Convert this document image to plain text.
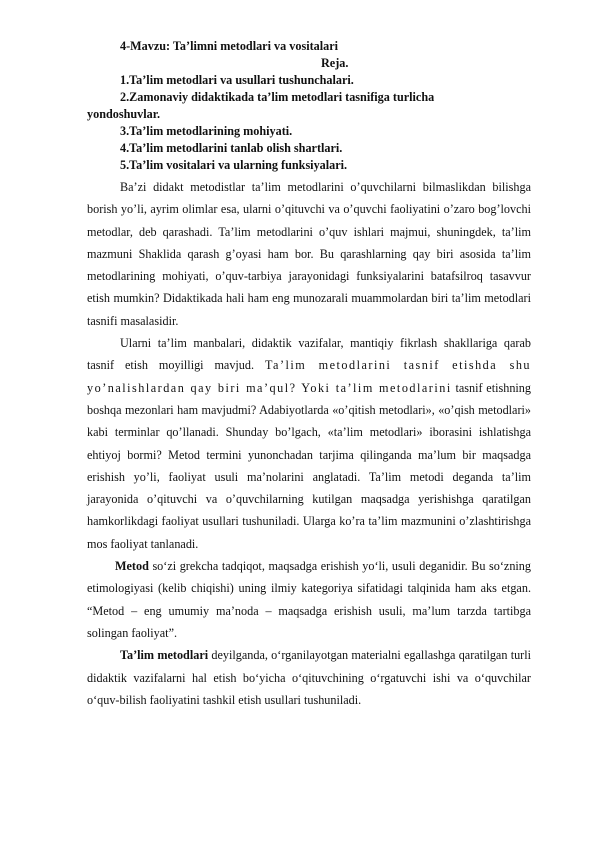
4-Mavzu: Ta’limni metodlari va vositalari
Reja.
1.Ta’lim metodlari va usullari tushunchalari.
2.Zamonaviy didaktikada ta’lim metodlari tasnifiga turlicha
yondoshuvlar.
3.Ta’lim metodlarining mohiyati.
4.Ta’lim metodlarini tanlab olish shartlari.
5.Ta’lim vositalari va ularning funksiyalari.

Ba’zi didakt metodistlar ta’lim metodlarini o’quvchilarni bilmaslikdan bilishga borish yo’li, ayrim olimlar esa, ularni o’qituvchi va o’quvchi faoliyatini o’zaro bog’lovchi metodlar, deb qarashadi. Ta’lim metodlarini o’quv ishlari majmui, shuningdek, ta’lim mazmuni Shaklida qarash g’oyasi ham bor. Bu qarashlarning qay biri asosida ta’lim metodlarining mohiyati, o’quv-tarbiya jarayonidagi funksiyalarini batafsilroq tasavvur etish mumkin? Didaktikada hali ham eng munozarali muammolardan biri ta’lim metodlari tasnifi masalasidir.

Ularni ta’lim manbalari, didaktik vazifalar, mantiqiy fikrlash shakllariga qarab tasnif etish moyilligi mavjud. Ta’lim metodlarini tasnif etishda shu yo’nalishlardan qay biri ma’qul? Yoki ta’lim metodlarini tasnif etishning boshqa mezonlari ham mavjudmi? Adabiyotlarda «o’qitish metodlari», «o’qish metodlari» kabi terminlar qo’llanadi. Shunday bo’lgach, «ta’lim metodlari» iborasini ishlatishga ehtiyoj bormi? Metod termini yunonchadan tarjima qilinganda ma’lum bir maqsadga erishish yo’li, faoliyat usuli ma’nolarini anglatadi. Ta’lim metodi deganda ta’lim jarayonida o’qituvchi va o’quvchilarning kutilgan maqsadga yerishishga qaratilgan hamkorlikdagi faoliyat usullari tushuniladi. Ularga ko’ra ta’lim mazmunini o’zlashtirishga mos faoliyat tanlanadi.

Metod so‘zi grekcha tadqiqot, maqsadga erishish yo‘li, usuli deganidir. Bu so‘zning etimologiyasi (kelib chiqishi) uning ilmiy kategoriya sifatidagi talqinida ham aks etgan. “Metod – eng umumiy ma’noda – maqsadga erishish usuli, ma’lum tarzda tartibga solingan faoliyat”.

Ta’lim metodlari deyilganda, o‘rganilayotgan materialni egallashga qaratilgan turli didaktik vazifalarni hal etish bo‘yicha o‘qituvchining o‘rgatuvchi ishi va o‘quvchilar o‘quv-bilish faoliyatini tashkil etish usullari tushuniladi.
